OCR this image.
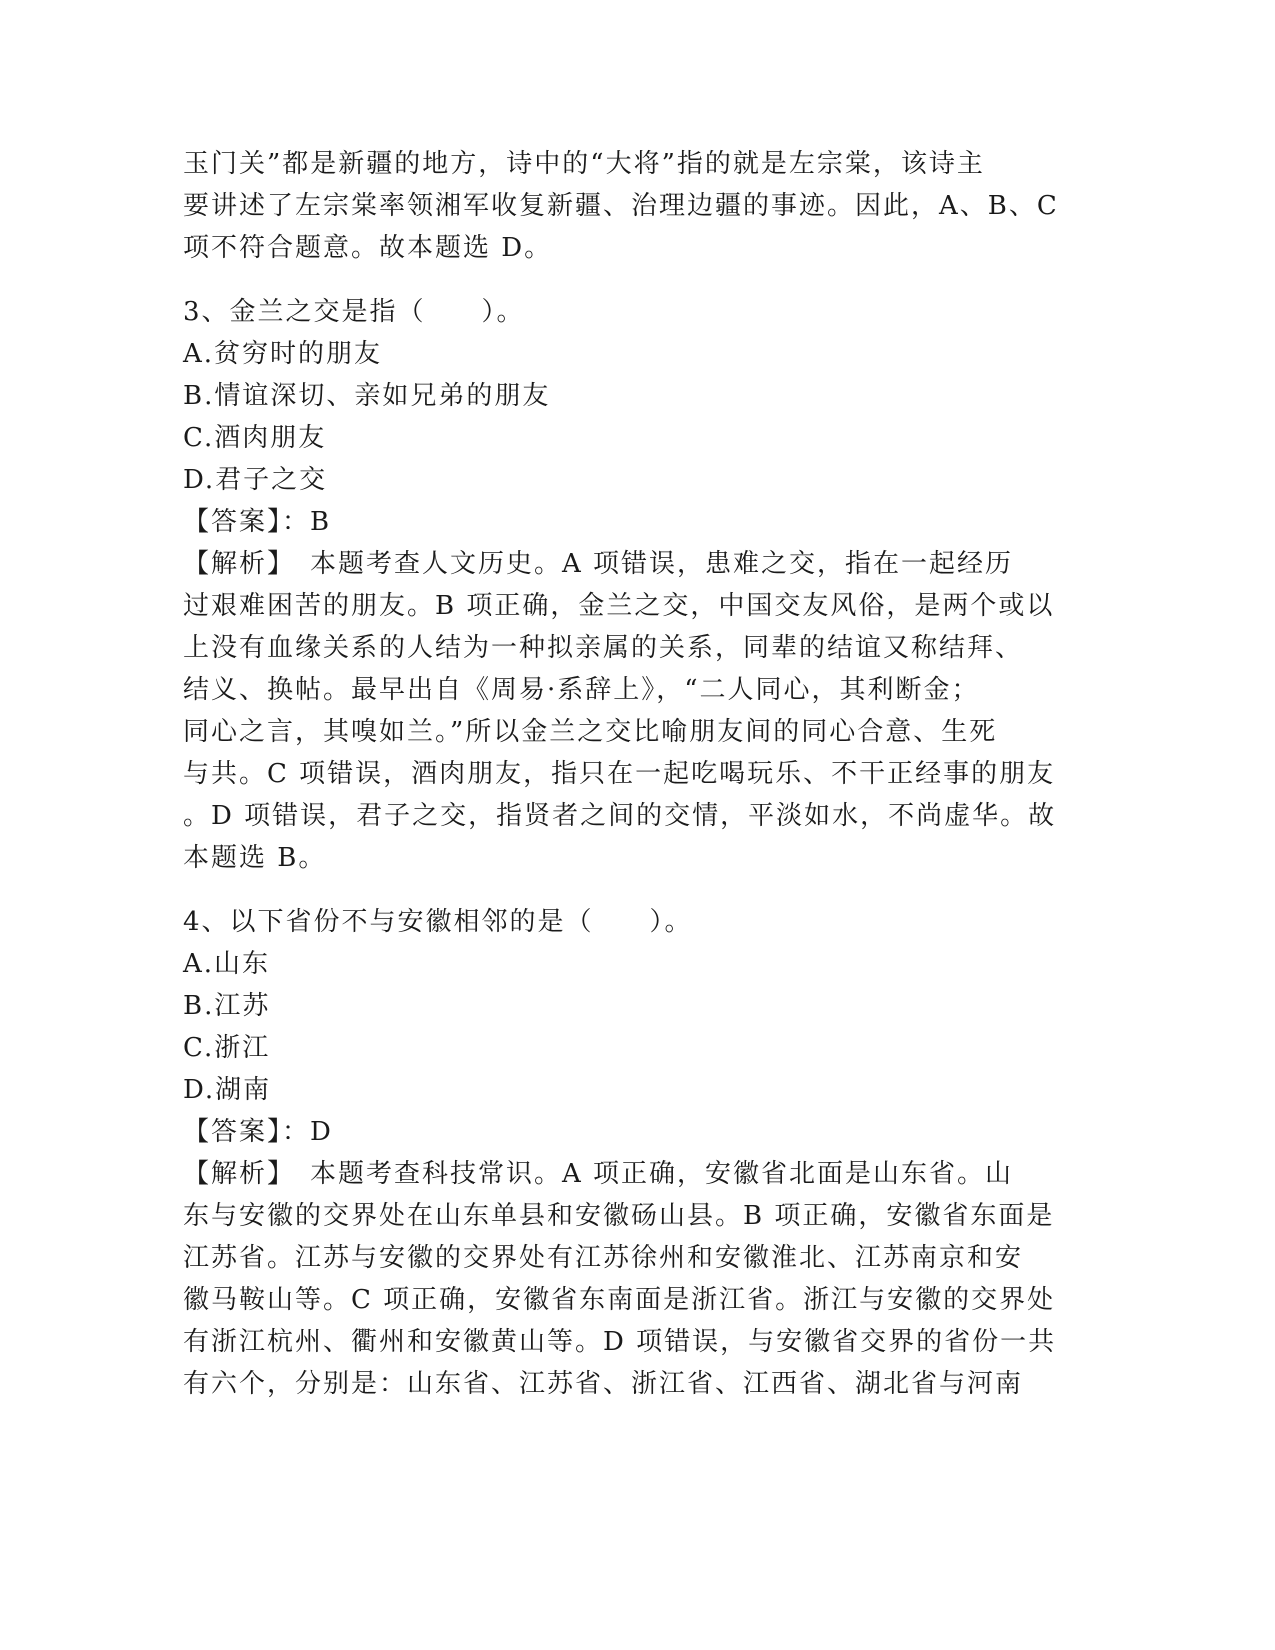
玉门关”都是新疆的地方，诗中的“大将”指的就是左宗棠，该诗主
要讲述了左宗棠率领湘军收复新疆、治理边疆的事迹。因此，A、B、C
项不符合题意。故本题选 D。
3、金兰之交是指（　　）。
A.贫穷时的朋友
B.情谊深切、亲如兄弟的朋友
C.酒肉朋友
D.君子之交
【答案】：B
【解析】　本题考查人文历史。A 项错误，患难之交，指在一起经历
过艰难困苦的朋友。B 项正确，金兰之交，中国交友风俗，是两个或以
上没有血缘关系的人结为一种拟亲属的关系，同辈的结谊又称结拜、
结义、换帖。最早出自《周易·系辞上》，“二人同心，其利断金；
同心之言，其嗅如兰。”所以金兰之交比喻朋友间的同心合意、生死
与共。C 项错误，酒肉朋友，指只在一起吃喝玩乐、不干正经事的朋友
。D 项错误，君子之交，指贤者之间的交情，平淡如水，不尚虚华。故
本题选 B。
4、以下省份不与安徽相邻的是（　　）。
A.山东
B.江苏
C.浙江
D.湖南
【答案】：D
【解析】　本题考查科技常识。A 项正确，安徽省北面是山东省。山
东与安徽的交界处在山东单县和安徽砀山县。B 项正确，安徽省东面是
江苏省。江苏与安徽的交界处有江苏徐州和安徽淮北、江苏南京和安
徽马鞍山等。C 项正确，安徽省东南面是浙江省。浙江与安徽的交界处
有浙江杭州、衢州和安徽黄山等。D 项错误，与安徽省交界的省份一共
有六个，分别是：山东省、江苏省、浙江省、江西省、湖北省与河南
